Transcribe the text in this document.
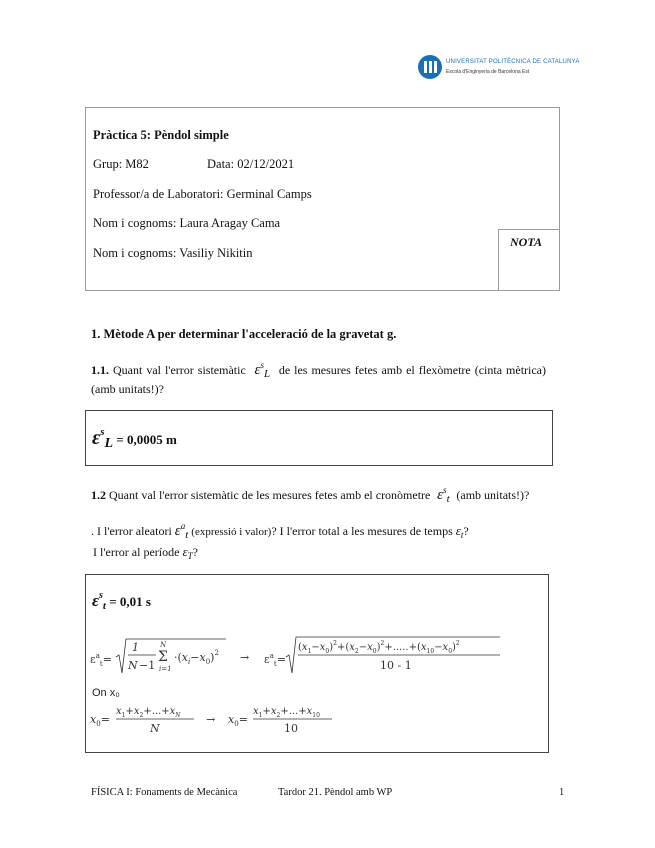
UNIVERSITAT POLITÈCNICA DE CATALUNYA
Escola d'Enginyeria de Barcelona Est
Pràctica 5: Pèndol simple
Grup: M82	Data: 02/12/2021
Professor/a de Laboratori: Germinal Camps
Nom i cognoms: Laura Aragay Cama
Nom i cognoms: Vasiliy Nikitin
NOTA
1. Mètode A per determinar l'acceleració de la gravetat g.
1.1. Quant val l'error sistemàtic  $\varepsilon^s_L$ de les mesures fetes amb el flexòmetre (cinta mètrica) (amb unitats!)?
$\varepsilon^sL = 0,0005$ m
1.2 Quant val l'error sistemàtic de les mesures fetes amb el cronòmetre  $\varepsilon^s_t$ (amb unitats!)?
. I l'error aleatori $\varepsilon^a_t$ (expressió i valor)? I l'error total a les mesures de temps $\varepsilon_t$?
I l'error al període $\varepsilon_T$?
$\varepsilon^st = 0,01$ s
$\varepsilon^a_t=$
1
N −1
N
Σ
i=1
$\cdot(x_i-x_0)^2 \to \varepsilon^a_t=$
$(x_1-x_0)^2+(x_2-x_0)^2+.....+(x_{10}-x_0)^2$
10 - 1
On x₀
$x_0=$
$x_1+x_2+...+x_N$
N
→ $x_0=$
$x_1+x_2+...+x_{10}$
10
FÍSICA I: Fonaments de Mecànica	Tardor 21. Pèndol amb WP	1
